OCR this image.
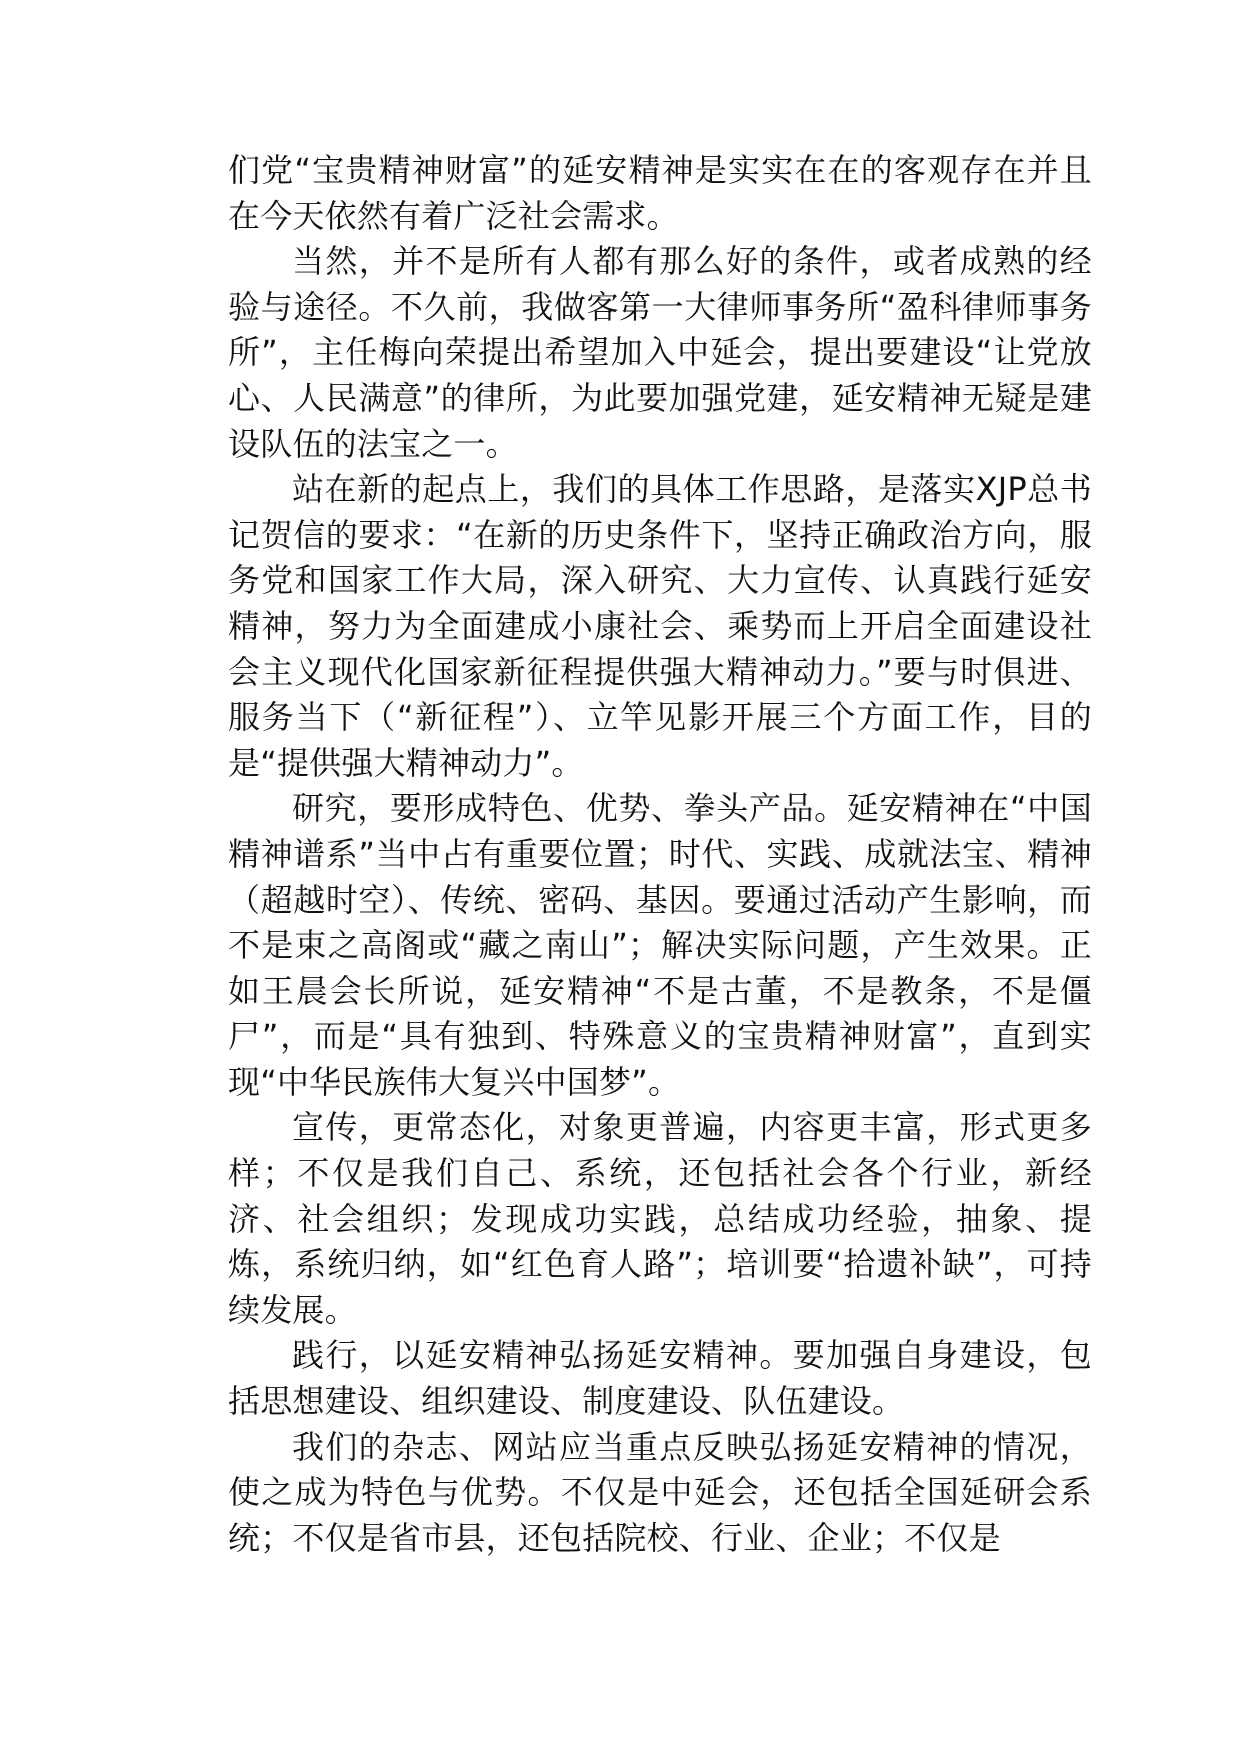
们党“宝贵精神财富”的延安精神是实实在在的客观存在并且在今天依然有着广泛社会需求。

当然，并不是所有人都有那么好的条件，或者成熟的经验与途径。不久前，我做客第一大律师事务所“盈科律师事务所”，主任梅向荣提出希望加入中延会，提出要建设“让党放心、人民满意”的律所，为此要加强党建，延安精神无疑是建设队伍的法宝之一。

站在新的起点上，我们的具体工作思路，是落实XJP总书记贺信的要求：“在新的历史条件下，坚持正确政治方向，服务党和国家工作大局，深入研究、大力宣传、认真践行延安精神，努力为全面建成小康社会、乘势而上开启全面建设社会主义现代化国家新征程提供强大精神动力。”要与时俱进、服务当下（“新征程”）、立竿见影开展三个方面工作，目的是“提供强大精神动力”。

研究，要形成特色、优势、拳头产品。延安精神在“中国精神谱系”当中占有重要位置；时代、实践、成就法宝、精神（超越时空）、传统、密码、基因。要通过活动产生影响，而不是束之高阁或“藏之南山”；解决实际问题，产生效果。正如王晨会长所说，延安精神“不是古董，不是教条，不是僵尸”，而是“具有独到、特殊意义的宝贵精神财富”，直到实现“中华民族伟大复兴中国梦”。

宣传，更常态化，对象更普遍，内容更丰富，形式更多样；不仅是我们自己、系统，还包括社会各个行业，新经济、社会组织；发现成功实践，总结成功经验，抽象、提炼，系统归纳，如“红色育人路”；培训要“拾遗补缺”，可持续发展。

践行，以延安精神弘扬延安精神。要加强自身建设，包括思想建设、组织建设、制度建设、队伍建设。

我们的杂志、网站应当重点反映弘扬延安精神的情况，使之成为特色与优势。不仅是中延会，还包括全国延研会系统；不仅是省市县，还包括院校、行业、企业；不仅是
